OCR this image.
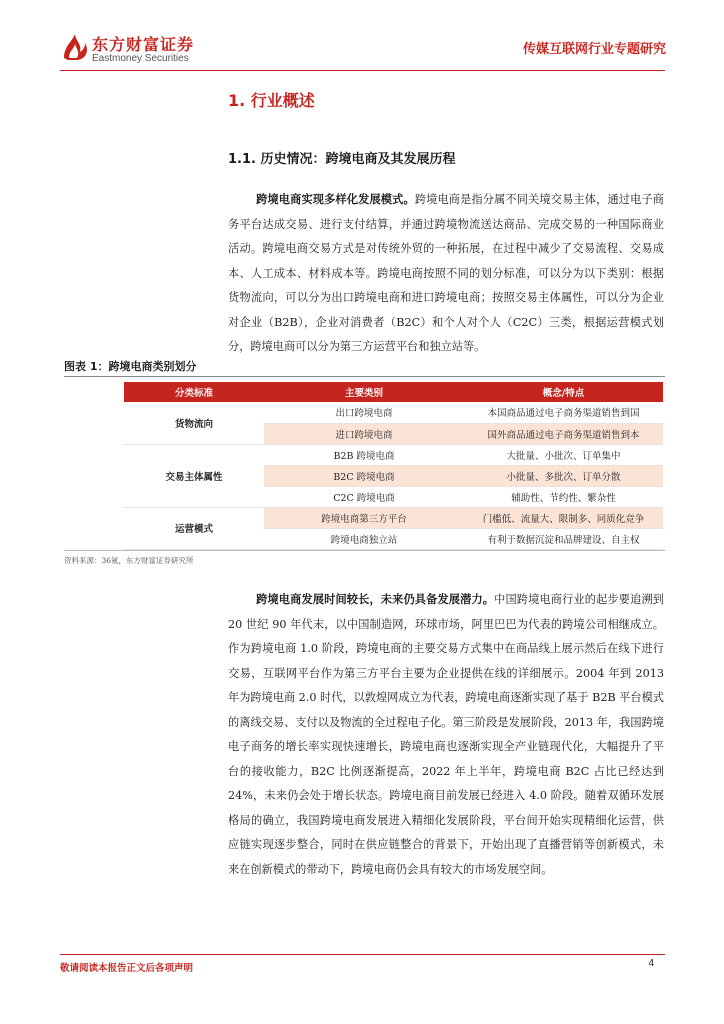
东方财富证券
Eastmoney Securities
传媒互联网行业专题研究
1. 行业概述
1.1. 历史情况：跨境电商及其发展历程
跨境电商实现多样化发展模式。跨境电商是指分属不同关境交易主体，通过电子商务平台达成交易、进行支付结算，并通过跨境物流送达商品、完成交易的一种国际商业活动。跨境电商交易方式是对传统外贸的一种拓展，在过程中减少了交易流程、交易成本、人工成本、材料成本等。跨境电商按照不同的划分标准，可以分为以下类别：根据货物流向，可以分为出口跨境电商和进口跨境电商；按照交易主体属性，可以分为企业对企业（B2B），企业对消费者（B2C）和个人对个人（C2C）三类，根据运营模式划分，跨境电商可以分为第三方运营平台和独立站等。
图表 1：跨境电商类别划分
分类标准	主要类别	概念/特点
货物流向	出口跨境电商	本国商品通过电子商务渠道销售到国
	进口跨境电商	国外商品通过电子商务渠道销售到本
交易主体属性	B2B 跨境电商	大批量、小批次、订单集中
	B2C 跨境电商	小批量、多批次、订单分散
	C2C 跨境电商	辅助性、节约性、繁杂性
运营模式	跨境电商第三方平台	门槛低、流量大、限制多、同质化竞争
	跨境电商独立站	有利于数据沉淀和品牌建设、自主权
资料来源：36氪，东方财富证券研究所
跨境电商发展时间较长，未来仍具备发展潜力。中国跨境电商行业的起步要追溯到 20 世纪 90 年代末，以中国制造网，环球市场，阿里巴巴为代表的跨境公司相继成立。作为跨境电商 1.0 阶段，跨境电商的主要交易方式集中在商品线上展示然后在线下进行交易，互联网平台作为第三方平台主要为企业提供在线的详细展示。2004 年到 2013 年为跨境电商 2.0 时代，以敦煌网成立为代表，跨境电商逐渐实现了基于 B2B 平台模式的离线交易、支付以及物流的全过程电子化。第三阶段是发展阶段，2013 年，我国跨境电子商务的增长率实现快速增长，跨境电商也逐渐实现全产业链现代化，大幅提升了平台的接收能力，B2C 比例逐渐提高，2022 年上半年，跨境电商 B2C 占比已经达到 24%，未来仍会处于增长状态。跨境电商目前发展已经进入 4.0 阶段。随着双循环发展格局的确立，我国跨境电商发展进入精细化发展阶段，平台间开始实现精细化运营，供应链实现逐步整合，同时在供应链整合的背景下，开始出现了直播营销等创新模式，未来在创新模式的带动下，跨境电商仍会具有较大的市场发展空间。
敬请阅读本报告正文后各项声明	4
